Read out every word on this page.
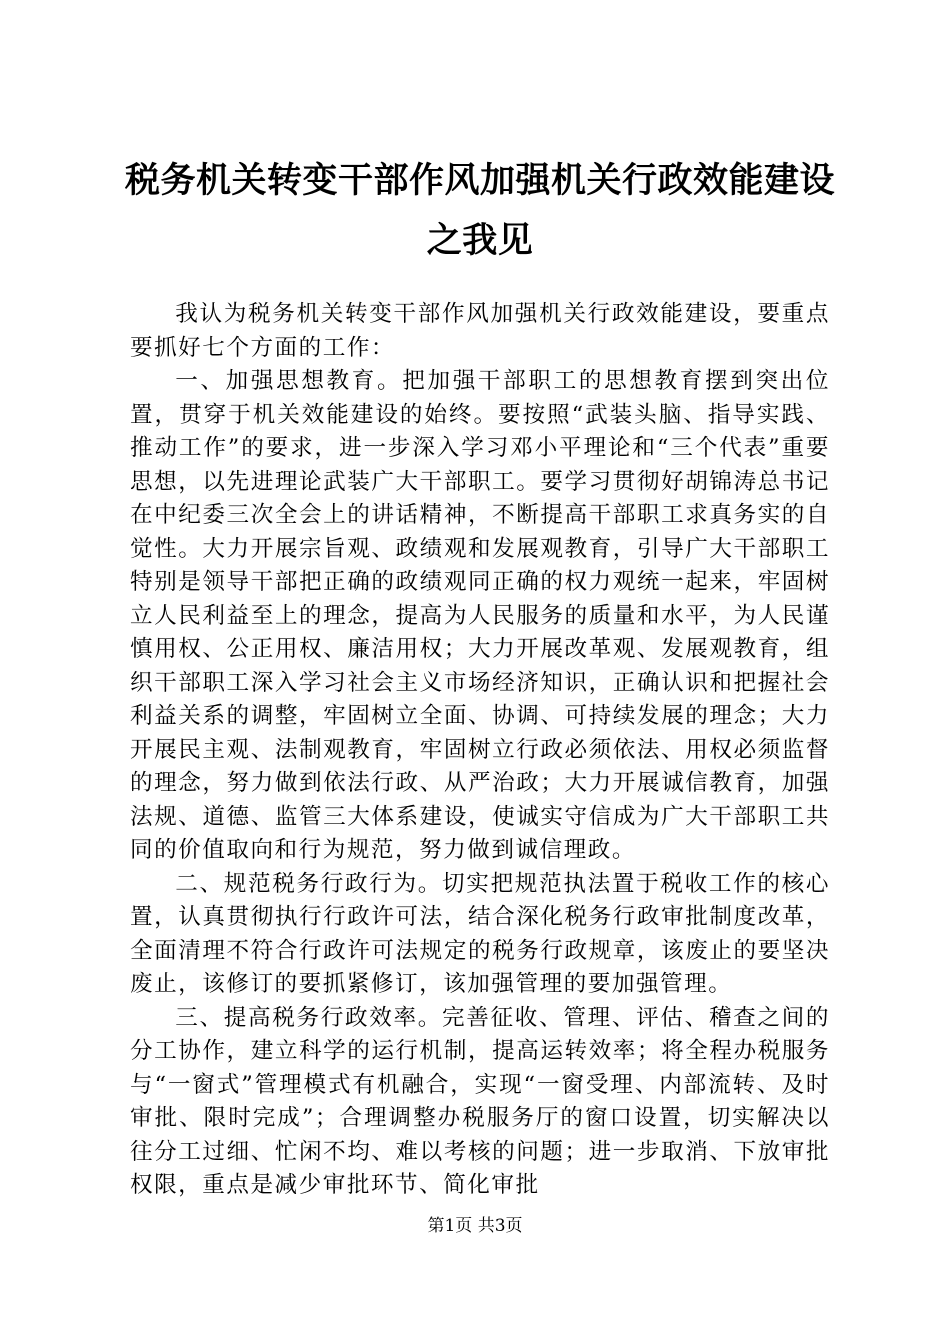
税务机关转变干部作风加强机关行政效能建设
之我见

我认为税务机关转变干部作风加强机关行政效能建设，要重点要抓好七个方面的工作：

一、加强思想教育。把加强干部职工的思想教育摆到突出位置，贯穿于机关效能建设的始终。要按照“武装头脑、指导实践、推动工作”的要求，进一步深入学习邓小平理论和“三个代表”重要思想，以先进理论武装广大干部职工。要学习贯彻好胡锦涛总书记在中纪委三次全会上的讲话精神，不断提高干部职工求真务实的自觉性。大力开展宗旨观、政绩观和发展观教育，引导广大干部职工特别是领导干部把正确的政绩观同正确的权力观统一起来，牢固树立人民利益至上的理念，提高为人民服务的质量和水平，为人民谨慎用权、公正用权、廉洁用权；大力开展改革观、发展观教育，组织干部职工深入学习社会主义市场经济知识，正确认识和把握社会利益关系的调整，牢固树立全面、协调、可持续发展的理念；大力开展民主观、法制观教育，牢固树立行政必须依法、用权必须监督的理念，努力做到依法行政、从严治政；大力开展诚信教育，加强法规、道德、监管三大体系建设，使诚实守信成为广大干部职工共同的价值取向和行为规范，努力做到诚信理政。

二、规范税务行政行为。切实把规范执法置于税收工作的核心置，认真贯彻执行行政许可法，结合深化税务行政审批制度改革，全面清理不符合行政许可法规定的税务行政规章，该废止的要坚决废止，该修订的要抓紧修订，该加强管理的要加强管理。

三、提高税务行政效率。完善征收、管理、评估、稽查之间的分工协作，建立科学的运行机制，提高运转效率；将全程办税服务与“一窗式”管理模式有机融合，实现“一窗受理、内部流转、及时审批、限时完成”；合理调整办税服务厅的窗口设置，切实解决以往分工过细、忙闲不均、难以考核的问题；进一步取消、下放审批权限，重点是减少审批环节、简化审批

第1页 共3页
